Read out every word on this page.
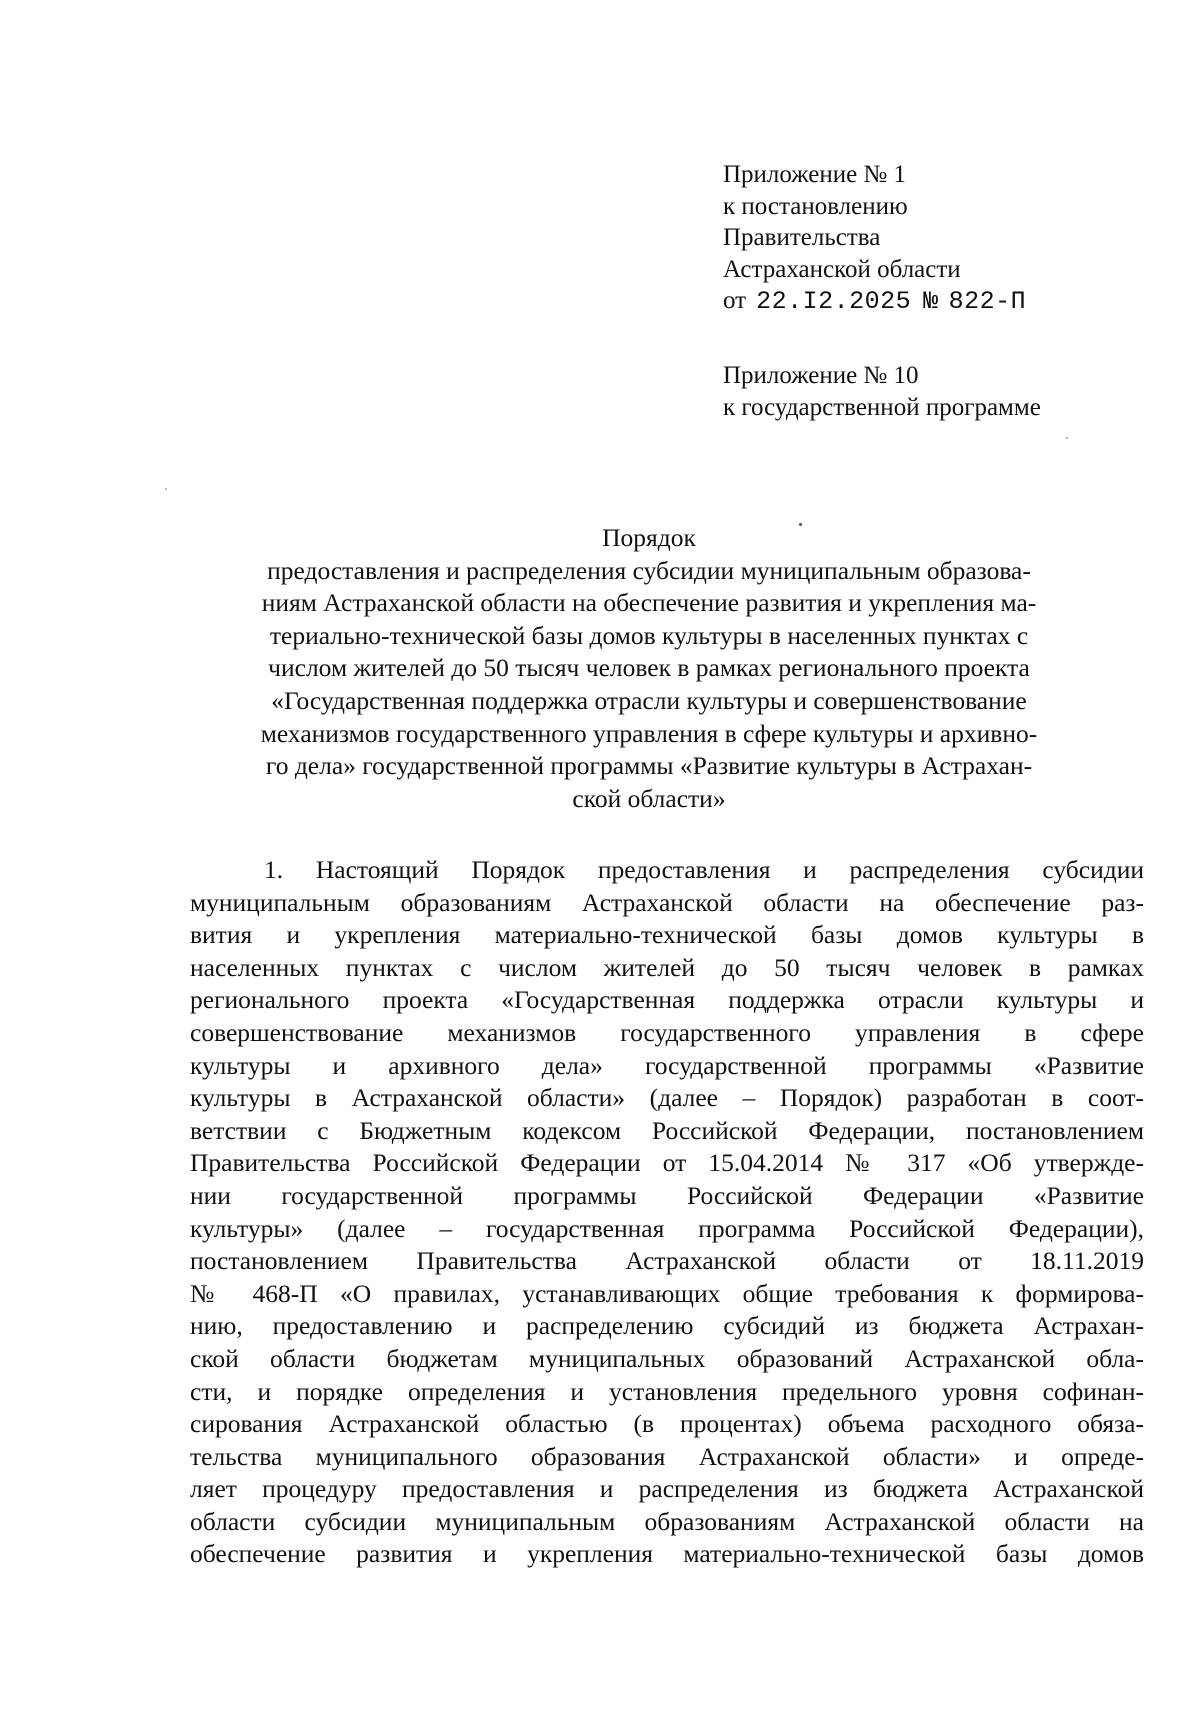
Приложение № 1
к постановлению
Правительства
Астраханской области
от 22.I2.2025 № 822-П
Приложение № 10
к государственной программе
Порядок
предоставления и распределения субсидии муниципальным образова-
ниям Астраханской области на обеспечение развития и укрепления ма-
териально-технической базы домов культуры в населенных пунктах с
числом жителей до 50 тысяч человек в рамках регионального проекта
«Государственная поддержка отрасли культуры и совершенствование
механизмов государственного управления в сфере культуры и архивно-
го дела» государственной программы «Развитие культуры в Астрахан-
ской области»
1. Настоящий Порядок предоставления и распределения субсидии
муниципальным образованиям Астраханской области на обеспечение раз-
вития и укрепления материально-технической базы домов культуры в
населенных пунктах с числом жителей до 50 тысяч человек в рамках
регионального проекта «Государственная поддержка отрасли культуры и
совершенствование механизмов государственного управления в сфере
культуры и архивного дела» государственной программы «Развитие
культуры в Астраханской области» (далее – Порядок) разработан в соот-
ветствии с Бюджетным кодексом Российской Федерации, постановлением
Правительства Российской Федерации от 15.04.2014 № 317 «Об утвержде-
нии государственной программы Российской Федерации «Развитие
культуры» (далее – государственная программа Российской Федерации),
постановлением Правительства Астраханской области от 18.11.2019
№ 468-П «О правилах, устанавливающих общие требования к формирова-
нию, предоставлению и распределению субсидий из бюджета Астрахан-
ской области бюджетам муниципальных образований Астраханской обла-
сти, и порядке определения и установления предельного уровня софинан-
сирования Астраханской областью (в процентах) объема расходного обяза-
тельства муниципального образования Астраханской области» и опреде-
ляет процедуру предоставления и распределения из бюджета Астраханской
области субсидии муниципальным образованиям Астраханской области на
обеспечение развития и укрепления материально-технической базы домов
